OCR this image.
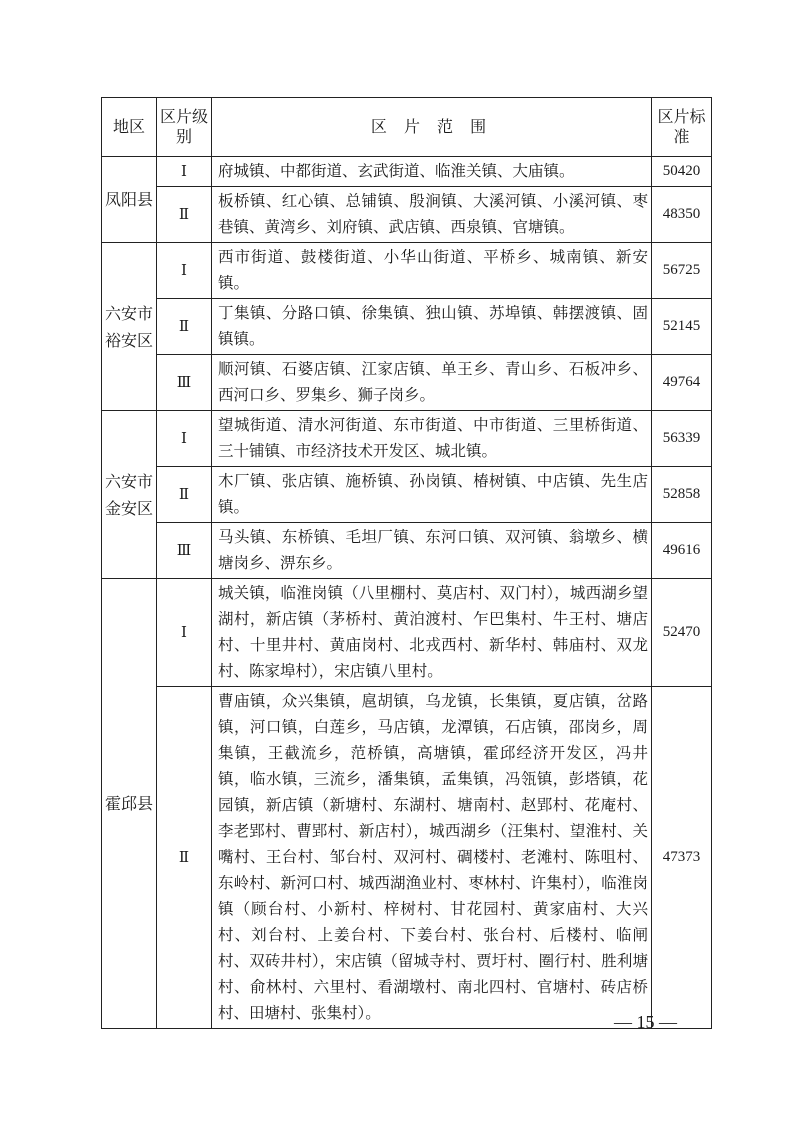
地区	区片级别	区 片 范 围	区片标准
凤阳县	Ⅰ	府城镇、中都街道、玄武街道、临淮关镇、大庙镇。	50420
	Ⅱ	板桥镇、红心镇、总铺镇、殷涧镇、大溪河镇、小溪河镇、枣巷镇、黄湾乡、刘府镇、武店镇、西泉镇、官塘镇。	48350
六安市裕安区	Ⅰ	西市街道、鼓楼街道、小华山街道、平桥乡、城南镇、新安镇。	56725
	Ⅱ	丁集镇、分路口镇、徐集镇、独山镇、苏埠镇、韩摆渡镇、固镇镇。	52145
	Ⅲ	顺河镇、石婆店镇、江家店镇、单王乡、青山乡、石板冲乡、西河口乡、罗集乡、狮子岗乡。	49764
六安市金安区	Ⅰ	望城街道、清水河街道、东市街道、中市街道、三里桥街道、三十铺镇、市经济技术开发区、城北镇。	56339
	Ⅱ	木厂镇、张店镇、施桥镇、孙岗镇、椿树镇、中店镇、先生店镇。	52858
	Ⅲ	马头镇、东桥镇、毛坦厂镇、东河口镇、双河镇、翁墩乡、横塘岗乡、淠东乡。	49616
霍邱县	Ⅰ	城关镇，临淮岗镇（八里棚村、莫店村、双门村），城西湖乡望湖村，新店镇（茅桥村、黄泊渡村、乍巴集村、牛王村、塘店村、十里井村、黄庙岗村、北戎西村、新华村、韩庙村、双龙村、陈家埠村），宋店镇八里村。	52470
	Ⅱ	曹庙镇，众兴集镇，扈胡镇，乌龙镇，长集镇，夏店镇，岔路镇，河口镇，白莲乡，马店镇，龙潭镇，石店镇，邵岗乡，周集镇，王截流乡，范桥镇，高塘镇，霍邱经济开发区，冯井镇，临水镇，三流乡，潘集镇，孟集镇，冯瓴镇，彭塔镇，花园镇，新店镇（新塘村、东湖村、塘南村、赵郢村、花庵村、李老郢村、曹郢村、新店村），城西湖乡（汪集村、望淮村、关嘴村、王台村、邹台村、双河村、碉楼村、老滩村、陈咀村、东岭村、新河口村、城西湖渔业村、枣林村、许集村），临淮岗镇（顾台村、小新村、梓树村、甘花园村、黄家庙村、大兴村、刘台村、上姜台村、下姜台村、张台村、后楼村、临闸村、双砖井村），宋店镇（留城寺村、贾圩村、圈行村、胜利塘村、俞林村、六里村、看湖墩村、南北四村、官塘村、砖店桥村、田塘村、张集村）。	47373
— 15 —
